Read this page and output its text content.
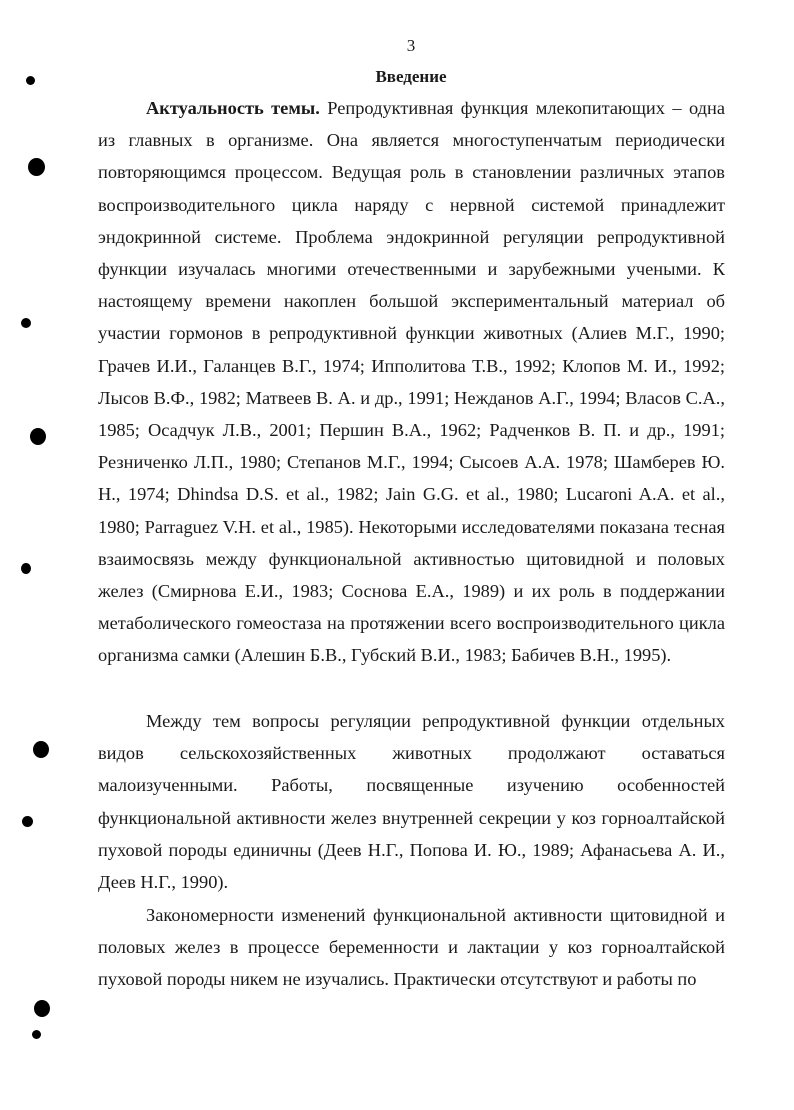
3
Введение

Актуальность темы. Репродуктивная функция млекопитающих – одна из главных в организме. Она является многоступенчатым периодически повторяющимся процессом. Ведущая роль в становлении различных этапов воспроизводительного цикла наряду с нервной системой принадлежит эндокринной системе. Проблема эндокринной регуляции репродуктивной функции изучалась многими отечественными и зарубежными учеными. К настоящему времени накоплен большой экспериментальный материал об участии гормонов в репродуктивной функции животных (Алиев М.Г., 1990; Грачев И.И., Галанцев В.Г., 1974; Ипполитова Т.В., 1992; Клопов М. И., 1992; Лысов В.Ф., 1982; Матвеев В. А. и др., 1991; Нежданов А.Г., 1994; Власов С.А., 1985; Осадчук Л.В., 2001; Першин В.А., 1962; Радченков В. П. и др., 1991; Резниченко Л.П., 1980; Степанов М.Г., 1994; Сысоев А.А. 1978; Шамберев Ю. Н., 1974; Dhindsa D.S. et al., 1982; Jain G.G. et al., 1980; Lucaroni A.A. et al., 1980; Parraguez V.H. et al., 1985). Некоторыми исследователями показана тесная взаимосвязь между функциональной активностью щитовидной и половых желез (Смирнова Е.И., 1983; Соснова Е.А., 1989) и их роль в поддержании метаболического гомеостаза на протяжении всего воспроизводительного цикла организма самки (Алешин Б.В., Губский В.И., 1983; Бабичев В.Н., 1995).

Между тем вопросы регуляции репродуктивной функции отдельных видов сельскохозяйственных животных продолжают оставаться малоизученными. Работы, посвященные изучению особенностей функциональной активности желез внутренней секреции у коз горноалтайской пуховой породы единичны (Деев Н.Г., Попова И. Ю., 1989; Афанасьева А. И., Деев Н.Г., 1990).

Закономерности изменений функциональной активности щитовидной и половых желез в процессе беременности и лактации у коз горноалтайской пуховой породы никем не изучались. Практически отсутствуют и работы по
